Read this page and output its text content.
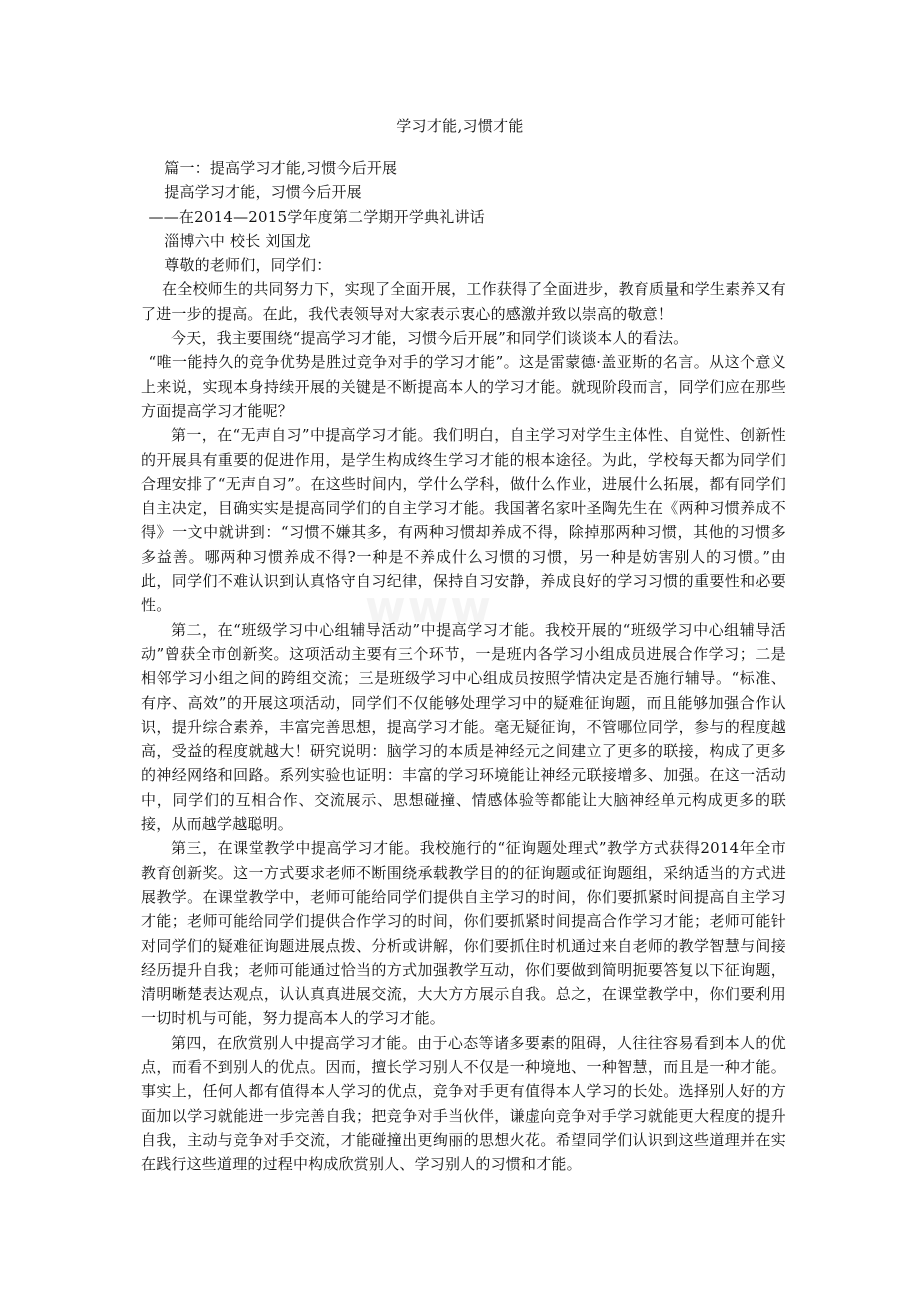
www
学习才能,习惯才能

篇一：提高学习才能,习惯今后开展

提高学习才能，习惯今后开展

——在2014—2015学年度第二学期开学典礼讲话

淄博六中 校长 刘国龙

尊敬的老师们，同学们：

在全校师生的共同努力下，实现了全面开展，工作获得了全面进步，教育质量和学生素养又有了进一步的提高。在此，我代表领导对大家表示衷心的感激并致以崇高的敬意！

今天，我主要围绕“提高学习才能，习惯今后开展”和同学们谈谈本人的看法。

“唯一能持久的竞争优势是胜过竞争对手的学习才能”。这是雷蒙德·盖亚斯的名言。从这个意义上来说，实现本身持续开展的关键是不断提高本人的学习才能。就现阶段而言，同学们应在那些方面提高学习才能呢？

第一，在“无声自习”中提高学习才能。我们明白，自主学习对学生主体性、自觉性、创新性的开展具有重要的促进作用，是学生构成终生学习才能的根本途径。为此，学校每天都为同学们合理安排了“无声自习”。在这些时间内，学什么学科，做什么作业，进展什么拓展，都有同学们自主决定，目确实实是提高同学们的自主学习才能。我国著名家叶圣陶先生在《两种习惯养成不得》一文中就讲到：“习惯不嫌其多，有两种习惯却养成不得，除掉那两种习惯，其他的习惯多多益善。哪两种习惯养成不得?一种是不养成什么习惯的习惯，另一种是妨害别人的习惯。”由此，同学们不难认识到认真恪守自习纪律，保持自习安静，养成良好的学习习惯的重要性和必要性。

第二，在“班级学习中心组辅导活动”中提高学习才能。我校开展的“班级学习中心组辅导活动”曾获全市创新奖。这项活动主要有三个环节，一是班内各学习小组成员进展合作学习；二是相邻学习小组之间的跨组交流；三是班级学习中心组成员按照学情决定是否施行辅导。“标准、有序、高效”的开展这项活动，同学们不仅能够处理学习中的疑难征询题，而且能够加强合作认识，提升综合素养，丰富完善思想，提高学习才能。毫无疑征询，不管哪位同学，参与的程度越高，受益的程度就越大！研究说明：脑学习的本质是神经元之间建立了更多的联接，构成了更多的神经网络和回路。系列实验也证明：丰富的学习环境能让神经元联接增多、加强。在这一活动中，同学们的互相合作、交流展示、思想碰撞、情感体验等都能让大脑神经单元构成更多的联接，从而越学越聪明。

第三，在课堂教学中提高学习才能。我校施行的“征询题处理式”教学方式获得2014年全市教育创新奖。这一方式要求老师不断围绕承载教学目的的征询题或征询题组，采纳适当的方式进展教学。在课堂教学中，老师可能给同学们提供自主学习的时间，你们要抓紧时间提高自主学习才能；老师可能给同学们提供合作学习的时间，你们要抓紧时间提高合作学习才能；老师可能针对同学们的疑难征询题进展点拨、分析或讲解，你们要抓住时机通过来自老师的教学智慧与间接经历提升自我；老师可能通过恰当的方式加强教学互动，你们要做到简明扼要答复以下征询题，清明晰楚表达观点，认认真真进展交流，大大方方展示自我。总之，在课堂教学中，你们要利用一切时机与可能，努力提高本人的学习才能。

第四，在欣赏别人中提高学习才能。由于心态等诸多要素的阻碍，人往往容易看到本人的优点，而看不到别人的优点。因而，擅长学习别人不仅是一种境地、一种智慧，而且是一种才能。事实上，任何人都有值得本人学习的优点，竞争对手更有值得本人学习的长处。选择别人好的方面加以学习就能进一步完善自我；把竞争对手当伙伴，谦虚向竞争对手学习就能更大程度的提升自我，主动与竞争对手交流，才能碰撞出更绚丽的思想火花。希望同学们认识到这些道理并在实在践行这些道理的过程中构成欣赏别人、学习别人的习惯和才能。
